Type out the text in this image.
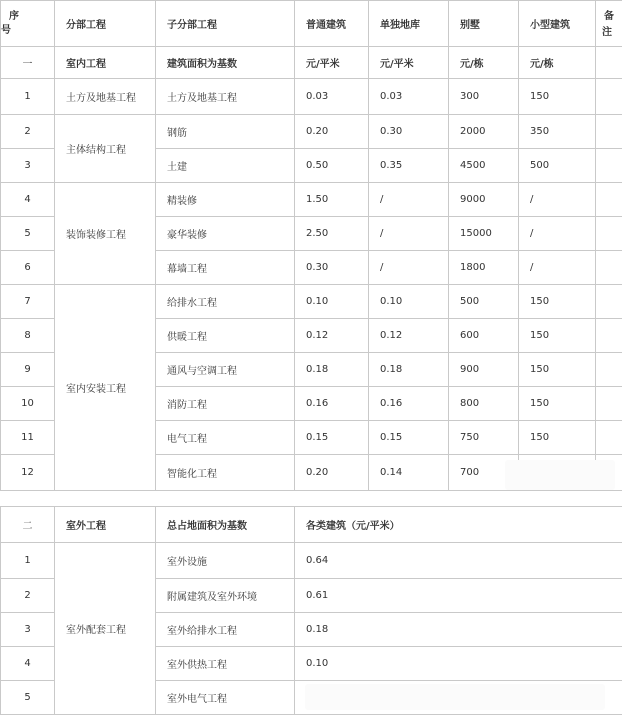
序
号	分部工程	子分部工程	普通建筑	单独地库	别墅	小型建筑	备
注

一	室内工程	建筑面积为基数	元/平米	元/平米	元/栋	元/栋	
1	土方及地基工程	土方及地基工程	0.03	0.03	300	150	
2	主体结构工程	钢筋	0.20	0.30	2000	350	
3		土建	0.50	0.35	4500	500	
4	装饰装修工程	精装修	1.50	/	9000	/	
5		豪华装修	2.50	/	15000	/	
6		幕墙工程	0.30	/	1800	/	
7	室内安装工程	给排水工程	0.10	0.10	500	150	
8		供暖工程	0.12	0.12	600	150	
9		通风与空调工程	0.18	0.18	900	150	
10		消防工程	0.16	0.16	800	150	
11		电气工程	0.15	0.15	750	150	
12		智能化工程	0.20	0.14	700		
二	室外工程	总占地面积为基数	各类建筑（元/平米）
1	室外配套工程	室外设施	0.64
2		附属建筑及室外环境	0.61
3		室外给排水工程	0.18
4		室外供热工程	0.10
5		室外电气工程	
